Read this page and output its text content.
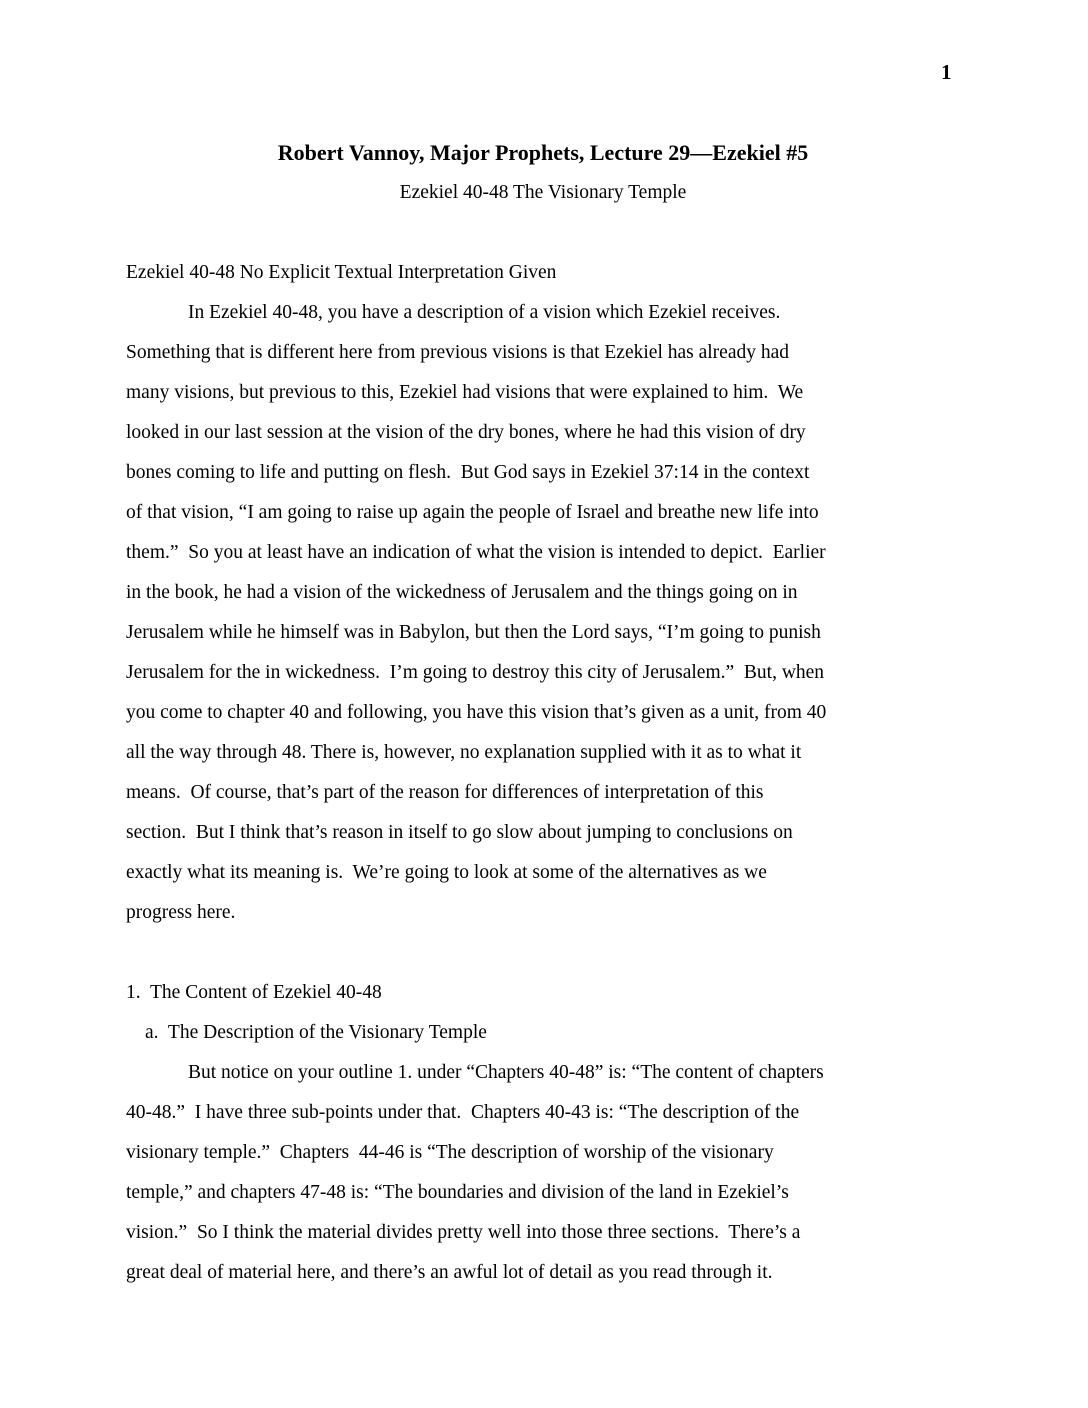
1
Robert Vannoy, Major Prophets, Lecture 29—Ezekiel #5
Ezekiel 40-48 The Visionary Temple
Ezekiel 40-48 No Explicit Textual Interpretation Given
In Ezekiel 40-48, you have a description of a vision which Ezekiel receives.
Something that is different here from previous visions is that Ezekiel has already had
many visions, but previous to this, Ezekiel had visions that were explained to him.  We
looked in our last session at the vision of the dry bones, where he had this vision of dry
bones coming to life and putting on flesh.  But God says in Ezekiel 37:14 in the context
of that vision, “I am going to raise up again the people of Israel and breathe new life into
them.”  So you at least have an indication of what the vision is intended to depict.  Earlier
in the book, he had a vision of the wickedness of Jerusalem and the things going on in
Jerusalem while he himself was in Babylon, but then the Lord says, “I’m going to punish
Jerusalem for the in wickedness.  I’m going to destroy this city of Jerusalem.”  But, when
you come to chapter 40 and following, you have this vision that’s given as a unit, from 40
all the way through 48. There is, however, no explanation supplied with it as to what it
means.  Of course, that’s part of the reason for differences of interpretation of this
section.  But I think that’s reason in itself to go slow about jumping to conclusions on
exactly what its meaning is.  We’re going to look at some of the alternatives as we
progress here.
1.  The Content of Ezekiel 40-48
a.  The Description of the Visionary Temple
But notice on your outline 1. under “Chapters 40-48” is: “The content of chapters
40-48.”  I have three sub-points under that.  Chapters 40-43 is: “The description of the
visionary temple.”  Chapters  44-46 is “The description of worship of the visionary
temple,” and chapters 47-48 is: “The boundaries and division of the land in Ezekiel’s
vision.”  So I think the material divides pretty well into those three sections.  There’s a
great deal of material here, and there’s an awful lot of detail as you read through it.
